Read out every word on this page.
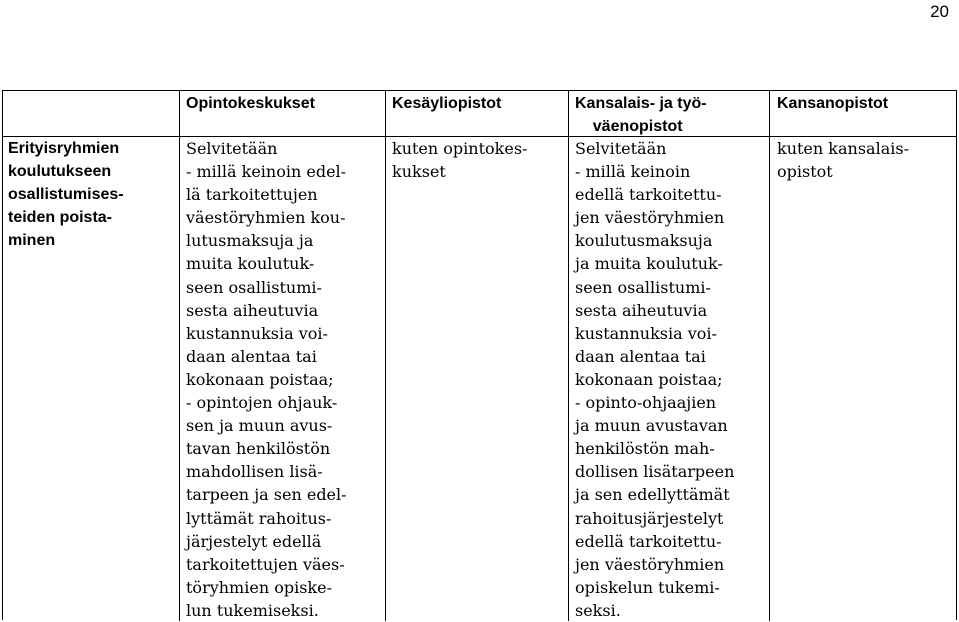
20
Opintokeskukset	Kesäyliopistot	Kansalais- ja työ-
väenopistot
Kansanopistot
Erityisryhmien
koulutukseen
osallistumises-
teiden poista-
minen
Selvitetään
- millä keinoin edel-
lä tarkoitettujen
väestöryhmien kou-
lutusmaksuja ja
muita koulutuk-
seen osallistumi-
sesta aiheutuvia
kustannuksia voi-
daan alentaa tai
kokonaan poistaa;
- opintojen ohjauk-
sen ja muun avus-
tavan henkilöstön
mahdollisen lisä-
tarpeen ja sen edel-
lyttämät rahoitus-
järjestelyt edellä
tarkoitettujen väes-
töryhmien opiske-
lun tukemiseksi.
kuten opintokes-
kukset
Selvitetään
- millä keinoin
edellä tarkoitettu-
jen väestöryhmien
koulutusmaksuja
ja muita koulutuk-
seen osallistumi-
sesta aiheutuvia
kustannuksia voi-
daan alentaa tai
kokonaan poistaa;
- opinto-ohjaajien
ja muun avustavan
henkilöstön mah-
dollisen lisätarpeen
ja sen edellyttämät
rahoitusjärjestelyt
edellä tarkoitettu-
jen väestöryhmien
opiskelun tukemi-
seksi.
kuten kansalais-
opistot
